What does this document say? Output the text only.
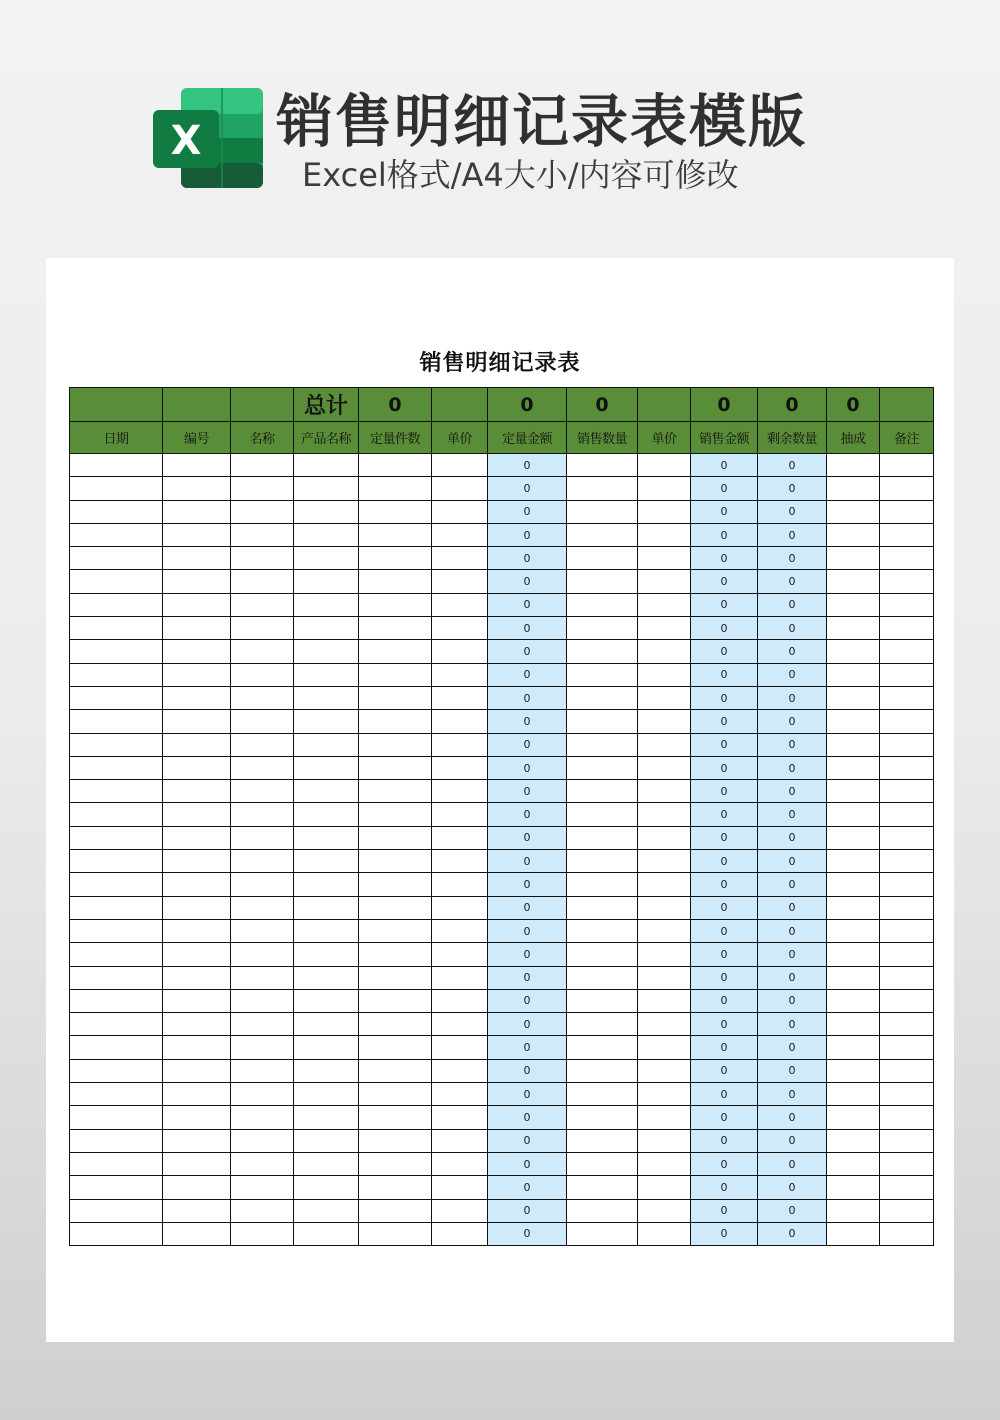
X 销售明细记录表模版
Excel格式/A4大小/内容可修改
销售明细记录表
			总计	0		0	0		0	0	0	
日期	编号	名称	产品名称	定量件数	单价	定量金额	销售数量	单价	销售金额	剩余数量	抽成	备注
						0			0	0		
						0			0	0		
						0			0	0		
						0			0	0		
						0			0	0		
						0			0	0		
						0			0	0		
						0			0	0		
						0			0	0		
						0			0	0		
						0			0	0		
						0			0	0		
						0			0	0		
						0			0	0		
						0			0	0		
						0			0	0		
						0			0	0		
						0			0	0		
						0			0	0		
						0			0	0		
						0			0	0		
						0			0	0		
						0			0	0		
						0			0	0		
						0			0	0		
						0			0	0		
						0			0	0		
						0			0	0		
						0			0	0		
						0			0	0		
						0			0	0		
						0			0	0		
						0			0	0		
						0			0	0		
